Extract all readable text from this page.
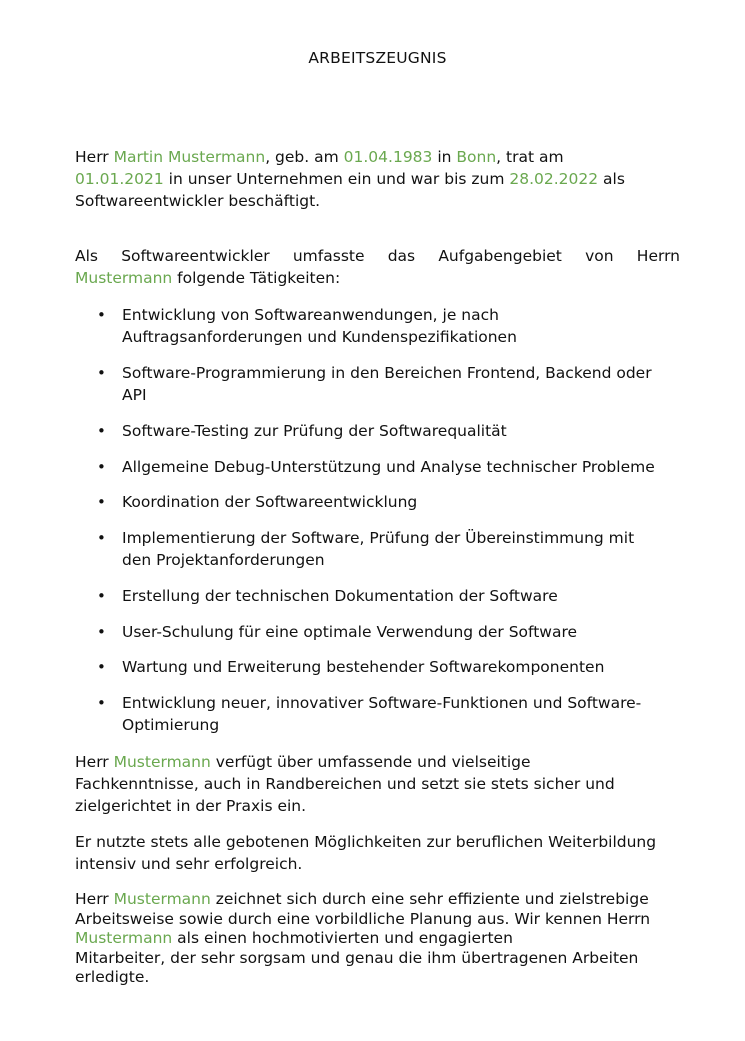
ARBEITSZEUGNIS
Herr Martin Mustermann, geb. am 01.04.1983 in Bonn, trat am
01.01.2021 in unser Unternehmen ein und war bis zum 28.02.2022 als
Softwareentwickler beschäftigt.
Als Softwareentwickler umfasste das Aufgabengebiet von Herrn
Mustermann folgende Tätigkeiten:
• Entwicklung von Softwareanwendungen, je nach
Auftragsanforderungen und Kundenspezifikationen
• Software-Programmierung in den Bereichen Frontend, Backend oder
API
• Software-Testing zur Prüfung der Softwarequalität
• Allgemeine Debug-Unterstützung und Analyse technischer Probleme
• Koordination der Softwareentwicklung
• Implementierung der Software, Prüfung der Übereinstimmung mit
den Projektanforderungen
• Erstellung der technischen Dokumentation der Software
• User-Schulung für eine optimale Verwendung der Software
• Wartung und Erweiterung bestehender Softwarekomponenten
• Entwicklung neuer, innovativer Software-Funktionen und Software-
Optimierung
Herr Mustermann verfügt über umfassende und vielseitige
Fachkenntnisse, auch in Randbereichen und setzt sie stets sicher und
zielgerichtet in der Praxis ein.
Er nutzte stets alle gebotenen Möglichkeiten zur beruflichen Weiterbildung
intensiv und sehr erfolgreich.
Herr Mustermann zeichnet sich durch eine sehr effiziente und zielstrebige
Arbeitsweise sowie durch eine vorbildliche Planung aus. Wir kennen Herrn
Mustermann als einen hochmotivierten und engagierten
Mitarbeiter, der sehr sorgsam und genau die ihm übertragenen Arbeiten
erledigte.
